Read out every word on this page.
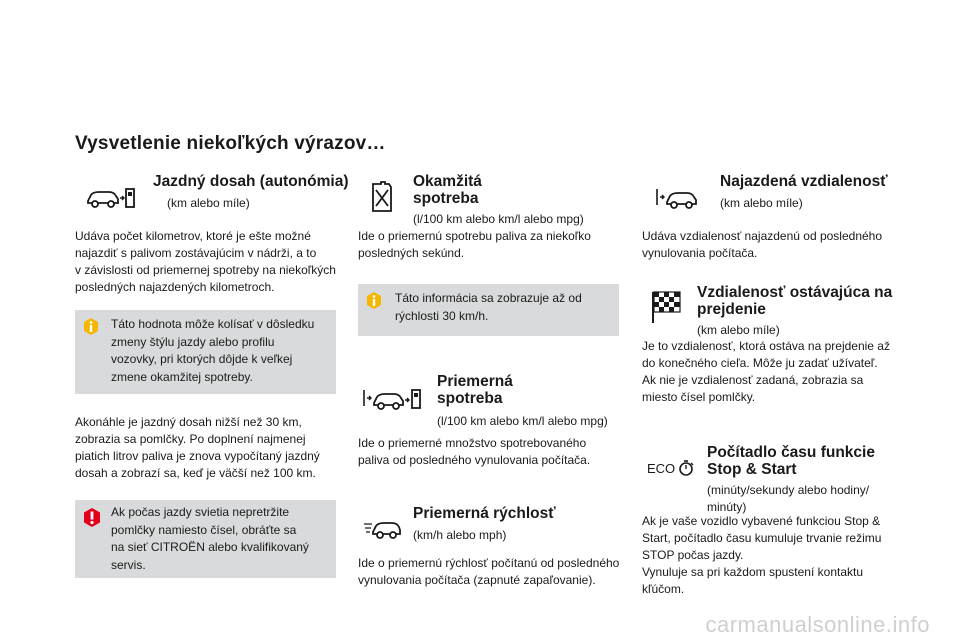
Vysvetlenie niekoľkých výrazov…
Jazdný dosah (autonómia)
(km alebo míle)
Udáva počet kilometrov, ktoré je ešte možné
najazdiť s palivom zostávajúcim v nádrži, a to
v závislosti od priemernej spotreby na niekoľkých
posledných najazdených kilometroch.
Táto hodnota môže kolísať v dôsledku
zmeny štýlu jazdy alebo profilu
vozovky, pri ktorých dôjde k veľkej
zmene okamžitej spotreby.
Akonáhle je jazdný dosah nižší než 30 km,
zobrazia sa pomlčky. Po doplnení najmenej
piatich litrov paliva je znova vypočítaný jazdný
dosah a zobrazí sa, keď je väčší než 100 km.
Ak počas jazdy svietia nepretržite
pomlčky namiesto čísel, obráťte sa
na sieť CITROËN alebo kvalifikovaný
servis.
Okamžitá
spotreba
(l/100 km alebo km/l alebo mpg)
Ide o priemernú spotrebu paliva za niekoľko
posledných sekúnd.
Táto informácia sa zobrazuje až od
rýchlosti 30 km/h.
Priemerná
spotreba
(l/100 km alebo km/l alebo mpg)
Ide o priemerné množstvo spotrebovaného
paliva od posledného vynulovania počítača.
Priemerná rýchlosť
(km/h alebo mph)
Ide o priemernú rýchlosť počítanú od posledného
vynulovania počítača (zapnuté zapaľovanie).
Najazdená vzdialenosť
(km alebo míle)
Udáva vzdialenosť najazdenú od posledného
vynulovania počítača.
Vzdialenosť ostávajúca na
prejdenie
(km alebo míle)
Je to vzdialenosť, ktorá ostáva na prejdenie až
do konečného cieľa. Môže ju zadať užívateľ.
Ak nie je vzdialenosť zadaná, zobrazia sa
miesto čísel pomlčky.
ECO
Počítadlo času funkcie
Stop & Start
(minúty/sekundy alebo hodiny/
minúty)
Ak je vaše vozidlo vybavené funkciou Stop &
Start, počítadlo času kumuluje trvanie režimu
STOP počas jazdy.
Vynuluje sa pri každom spustení kontaktu
kľúčom.
carmanualsonline.info
